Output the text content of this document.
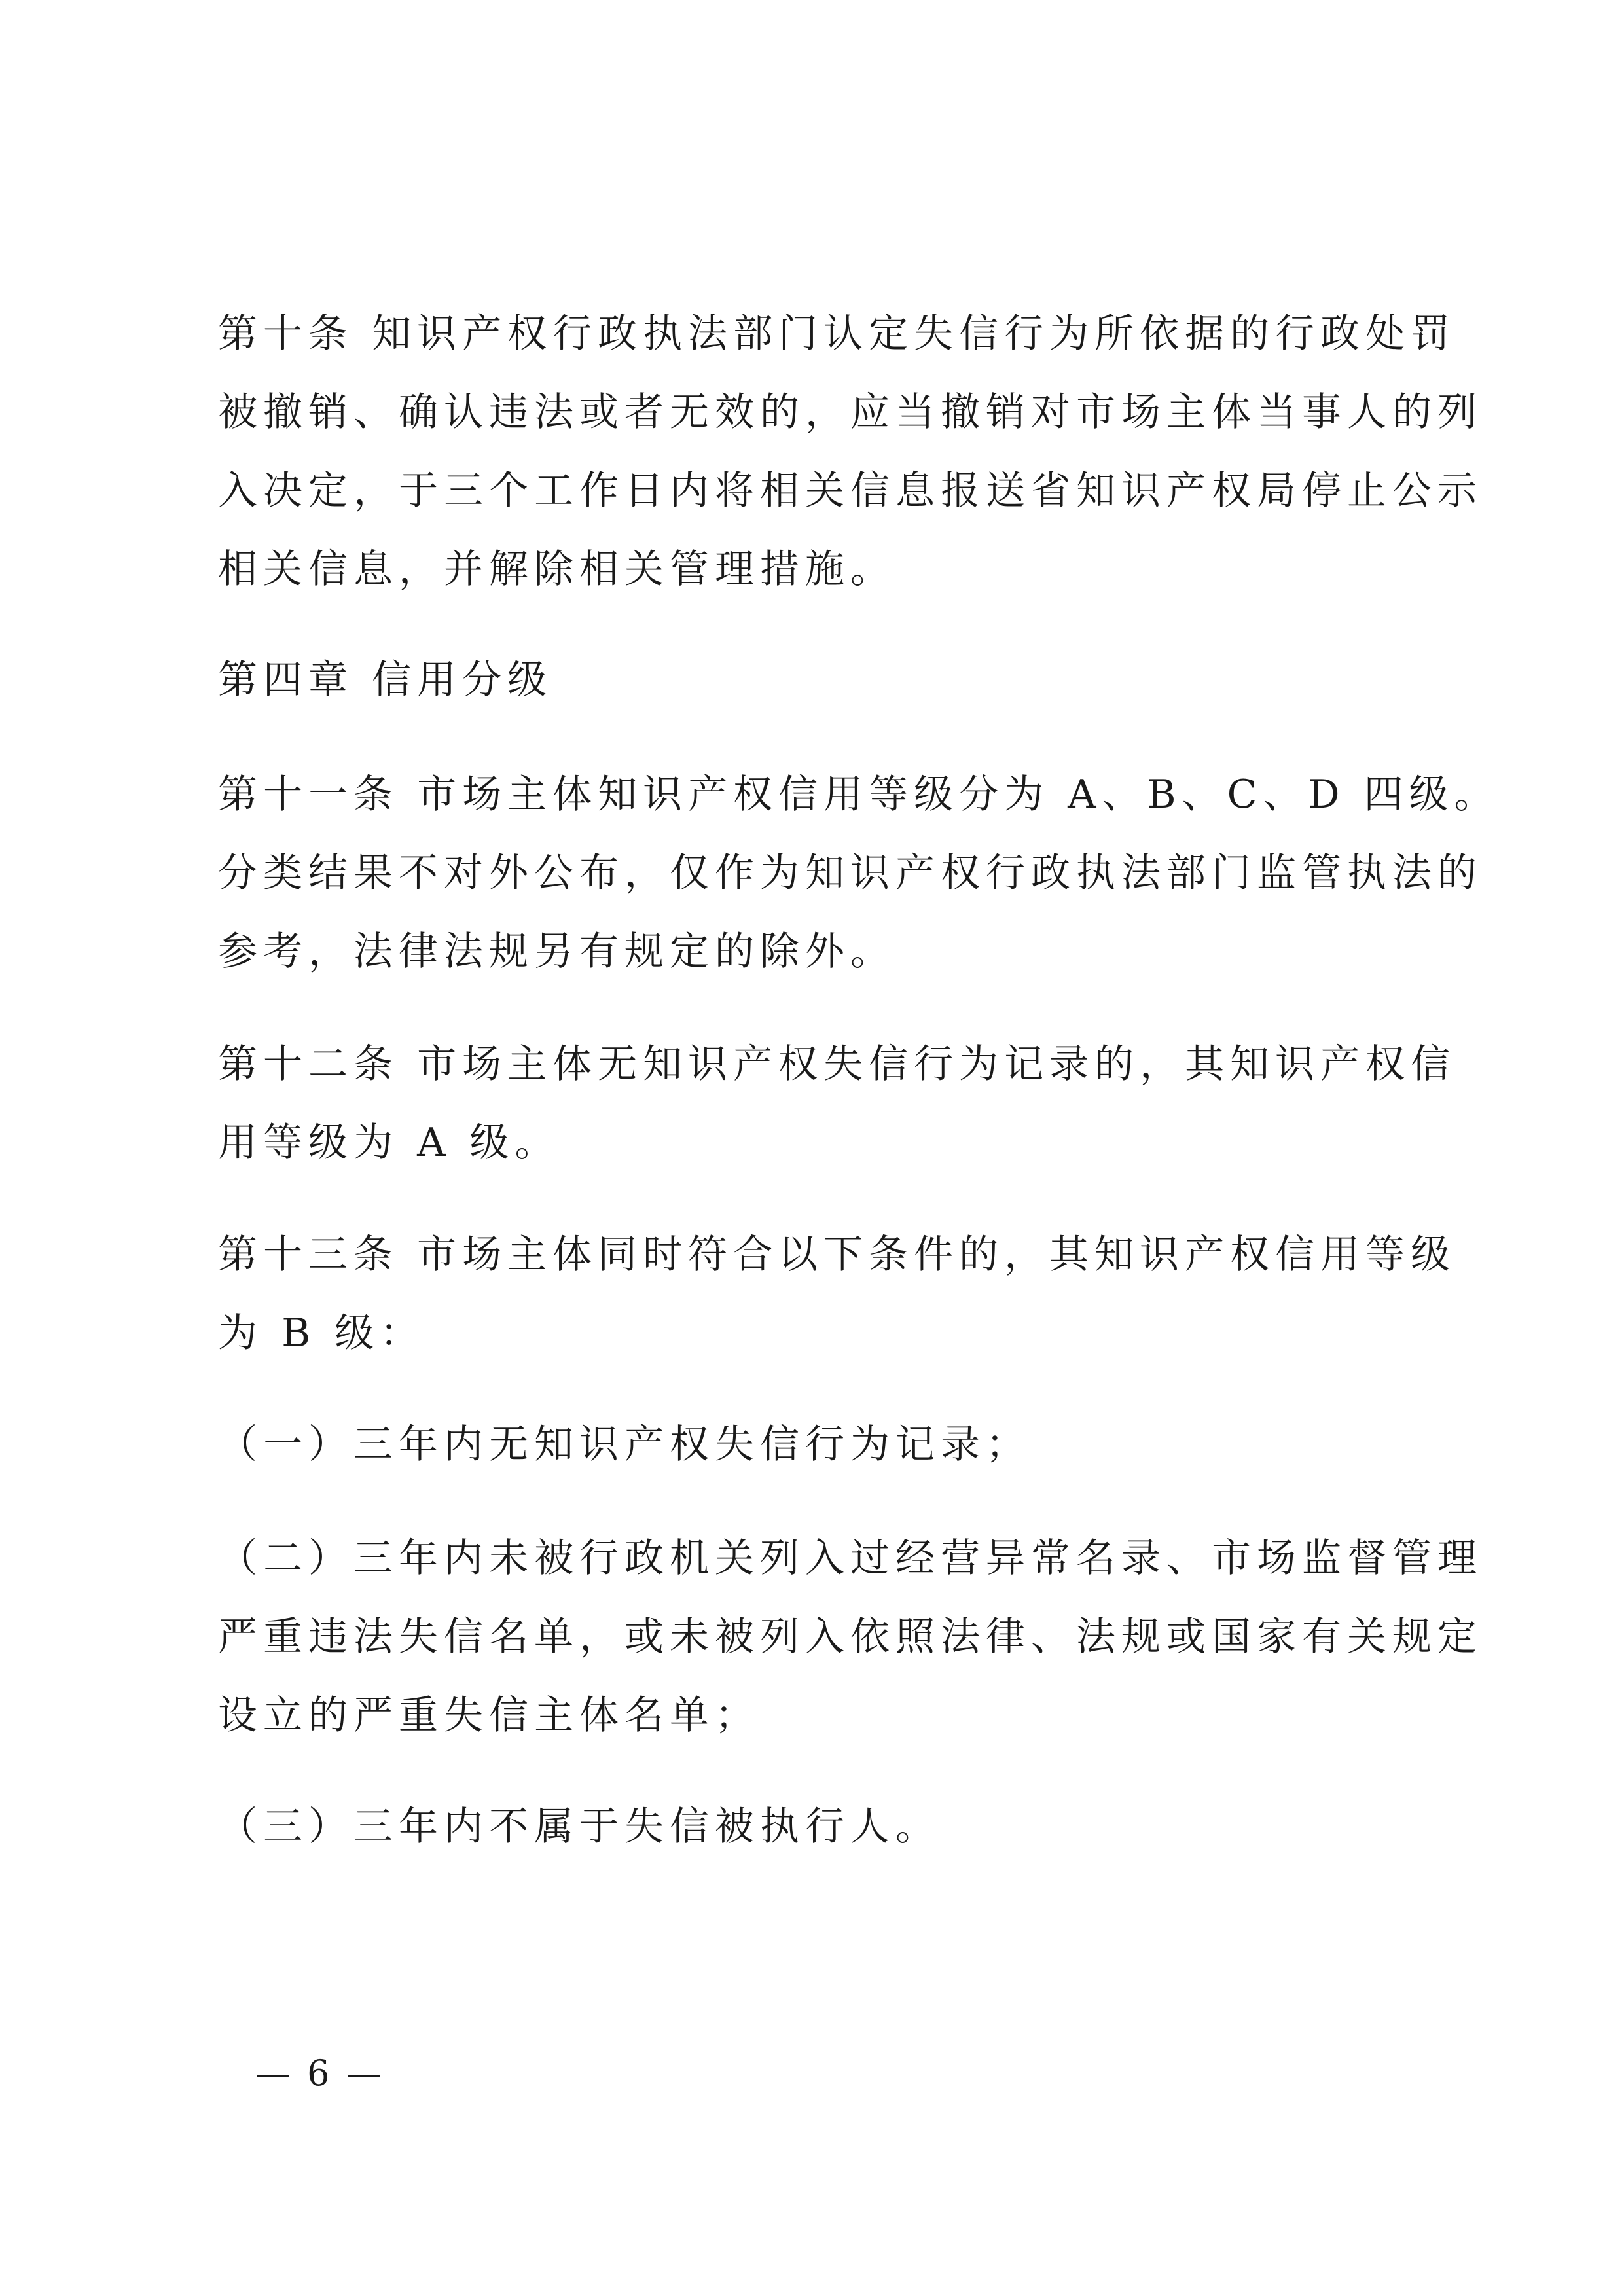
第十条 知识产权行政执法部门认定失信行为所依据的行政处罚
被撤销、确认违法或者无效的，应当撤销对市场主体当事人的列
入决定，于三个工作日内将相关信息报送省知识产权局停止公示
相关信息，并解除相关管理措施。
第四章 信用分级
第十一条 市场主体知识产权信用等级分为 A、B、C、D 四级。
分类结果不对外公布，仅作为知识产权行政执法部门监管执法的
参考，法律法规另有规定的除外。
第十二条 市场主体无知识产权失信行为记录的，其知识产权信
用等级为 A 级。
第十三条 市场主体同时符合以下条件的，其知识产权信用等级
为 B 级：
（一）三年内无知识产权失信行为记录；
（二）三年内未被行政机关列入过经营异常名录、市场监督管理
严重违法失信名单，或未被列入依照法律、法规或国家有关规定
设立的严重失信主体名单；
（三）三年内不属于失信被执行人。
— 6 —
